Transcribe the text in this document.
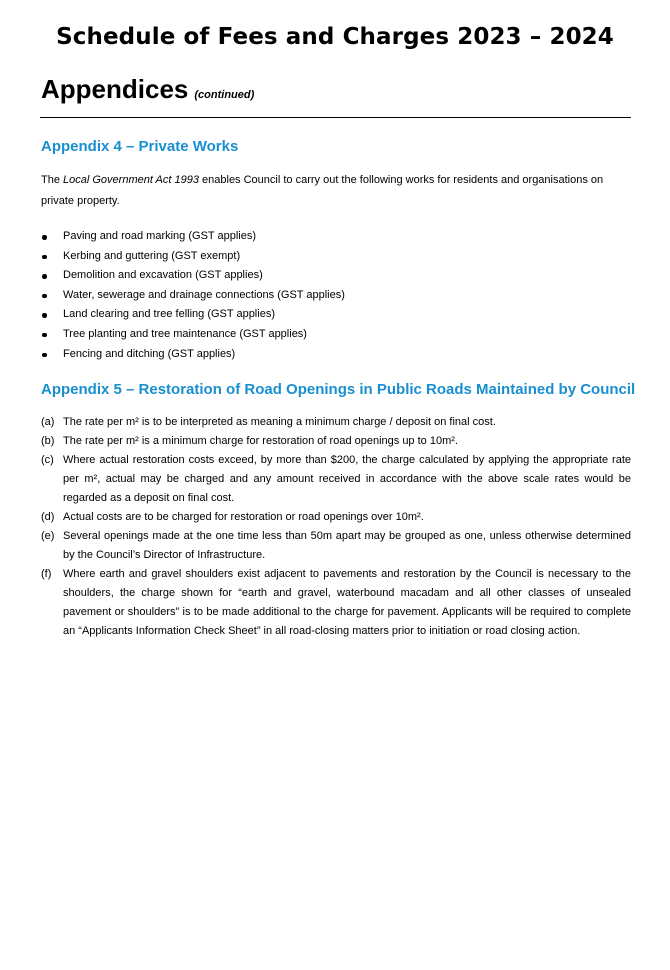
Schedule of Fees and Charges 2023 – 2024
Appendices (continued)
Appendix 4 – Private Works
The Local Government Act 1993 enables Council to carry out the following works for residents and organisations on private property.
Paving and road marking (GST applies)
Kerbing and guttering (GST exempt)
Demolition and excavation (GST applies)
Water, sewerage and drainage connections (GST applies)
Land clearing and tree felling (GST applies)
Tree planting and tree maintenance (GST applies)
Fencing and ditching (GST applies)
Appendix 5 – Restoration of Road Openings in Public Roads Maintained by Council
(a) The rate per m² is to be interpreted as meaning a minimum charge / deposit on final cost.
(b) The rate per m² is a minimum charge for restoration of road openings up to 10m².
(c) Where actual restoration costs exceed, by more than $200, the charge calculated by applying the appropriate rate per m², actual may be charged and any amount received in accordance with the above scale rates would be regarded as a deposit on final cost.
(d) Actual costs are to be charged for restoration or road openings over 10m².
(e) Several openings made at the one time less than 50m apart may be grouped as one, unless otherwise determined by the Council’s Director of Infrastructure.
(f) Where earth and gravel shoulders exist adjacent to pavements and restoration by the Council is necessary to the shoulders, the charge shown for “earth and gravel, waterbound macadam and all other classes of unsealed pavement or shoulders” is to be made additional to the charge for pavement. Applicants will be required to complete an “Applicants Information Check Sheet” in all road-closing matters prior to initiation or road closing action.
